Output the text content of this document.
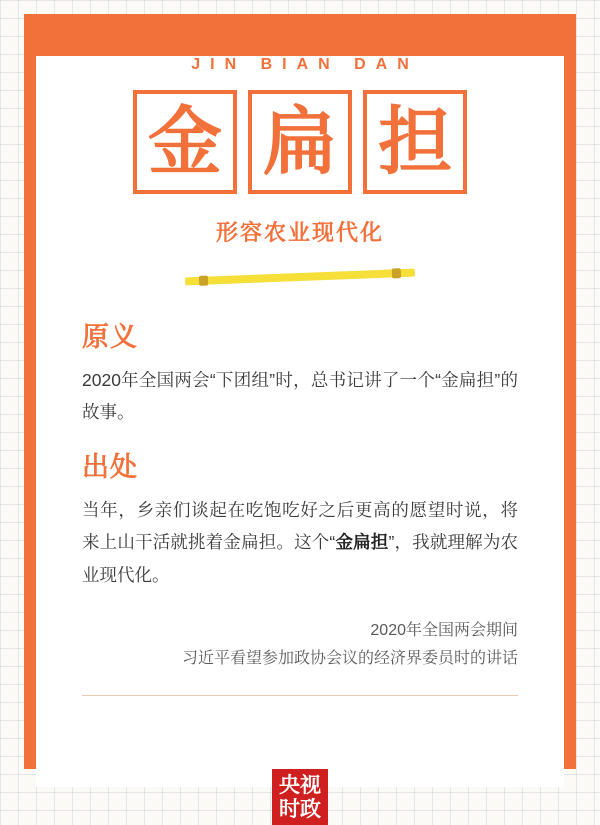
JIN BIAN DAN
金 扁 担
形容农业现代化
原义
2020年全国两会“下团组”时，总书记讲了一个“金扁担”的故事。
出处
当年，乡亲们谈起在吃饱吃好之后更高的愿望时说，将来上山干活就挑着金扁担。这个“金扁担”，我就理解为农业现代化。
2020年全国两会期间
习近平看望参加政协会议的经济界委员时的讲话
央视
时政
